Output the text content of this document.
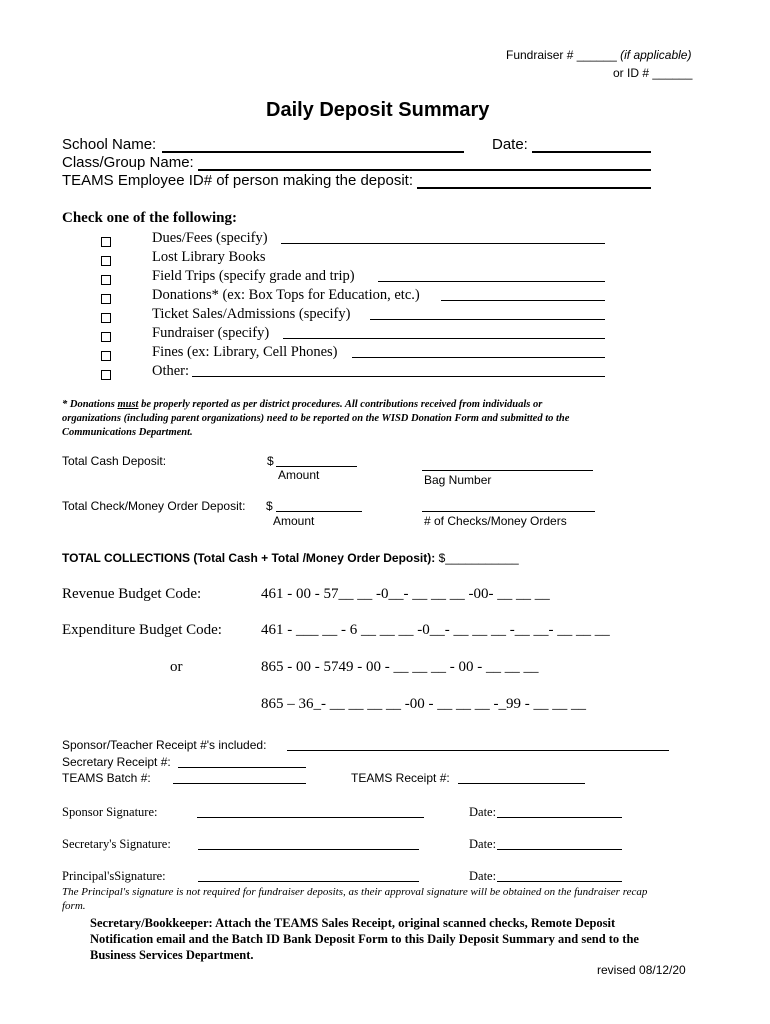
Fundraiser # ______ (if applicable)
or ID # ______
Daily Deposit Summary
School Name:	Date:
Class/Group Name:
TEAMS Employee ID# of person making the deposit:
Check one of the following:
Dues/Fees (specify)
Lost Library Books
Field Trips (specify grade and trip)
Donations* (ex: Box Tops for Education, etc.)
Ticket Sales/Admissions (specify)
Fundraiser (specify)
Fines (ex: Library, Cell Phones)
Other:
* Donations must be properly reported as per district procedures. All contributions received from individuals or
organizations (including parent organizations) need to be reported on the WISD Donation Form and submitted to the
Communications Department.
Total Cash Deposit:	$
Amount	Bag Number
Total Check/Money Order Deposit: $
Amount	# of Checks/Money Orders
TOTAL COLLECTIONS (Total Cash + Total /Money Order Deposit): $___________
Revenue Budget Code:	461 - 00 - 57__ __ -0__- __ __ __ -00- __ __ __
Expenditure Budget Code:	461 - ___ __ - 6 __ __ __ -0__- __ __ __ -__ __- __ __ __
or	865 - 00 - 5749 - 00 - __ __ __ - 00 - __ __ __
865 – 36_- __ __ __ __ -00 - __ __ __ -_99 - __ __ __
Sponsor/Teacher Receipt #'s included:
Secretary Receipt #:
TEAMS Batch #:	TEAMS Receipt #:
Sponsor Signature:	Date:
Secretary's Signature:	Date:
Principal'sSignature:	Date:
The Principal's signature is not required for fundraiser deposits, as their approval signature will be obtained on the fundraiser recap
form.
Secretary/Bookkeeper: Attach the TEAMS Sales Receipt, original scanned checks, Remote Deposit
Notification email and the Batch ID Bank Deposit Form to this Daily Deposit Summary and send to the
Business Services Department.
revised 08/12/20
